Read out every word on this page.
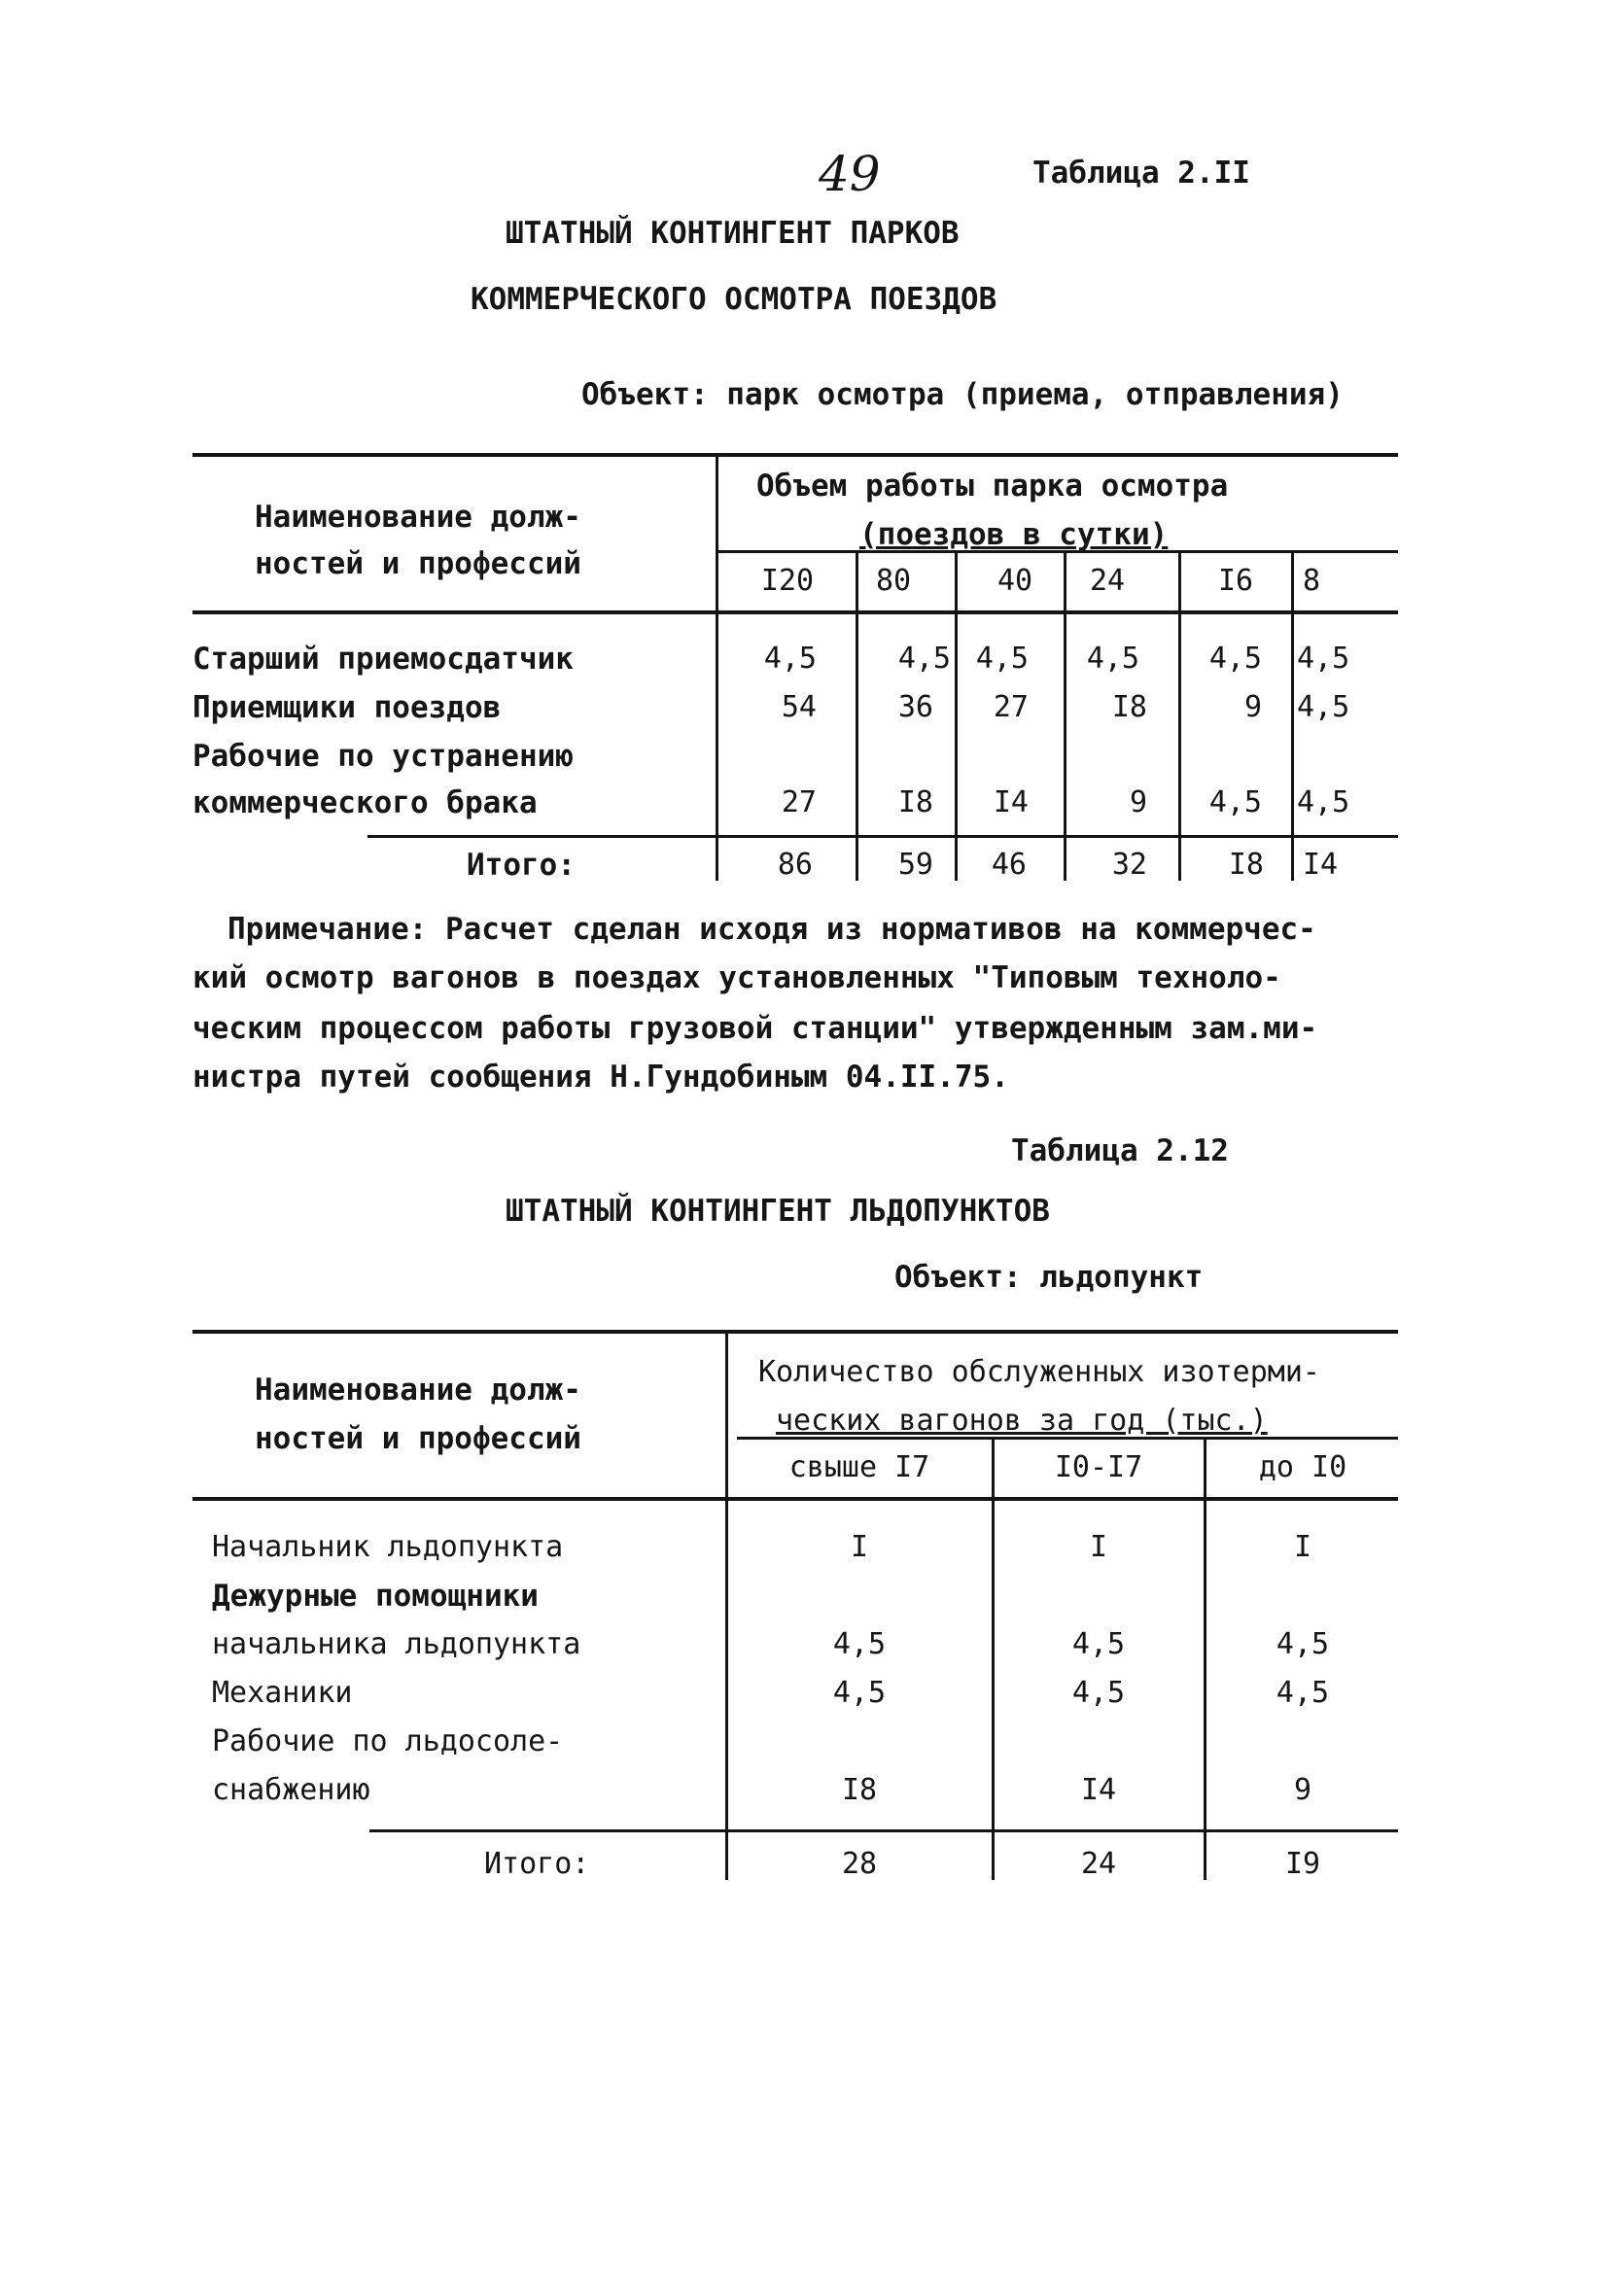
49	Таблица 2.II
ШТАТНЫЙ КОНТИНГЕНТ ПАРКОВ
КОММЕРЧЕСКОГО ОСМОТРА ПОЕЗДОВ
Объект: парк осмотра (приема, отправления)
Наименование долж-
ностей и профессий
Объем работы парка осмотра
(поездов в сутки)
I20	80	40	24	I6	8
Старший приемосдатчик	4,5	4,5 4,5	4,5	4,5 4,5
Приемщики поездов	54	36	27	I8	9 4,5
Рабочие по устранению
коммерческого брака	27	I8	I4	9	4,5 4,5
Итого:	86	59	46	32	I8 I4
Примечание: Расчет сделан исходя из нормативов на коммерчес-
кий осмотр вагонов в поездах установленных "Типовым техноло-
ческим процессом работы грузовой станции" утвержденным зам.ми-
нистра путей сообщения Н.Гундобиным 04.II.75.
Таблица 2.12
ШТАТНЫЙ КОНТИНГЕНТ ЛЬДОПУНКТОВ
Объект: льдопункт
Наименование долж-
ностей и профессий
Количество обслуженных изотерми-
ческих вагонов за год (тыс.)
свыше I7	I0-I7	до I0
Начальник льдопункта	I	I	I
Дежурные помощники
начальника льдопункта	4,5	4,5	4,5
Механики	4,5	4,5	4,5
Рабочие по льдосоле-
снабжению	I8	I4	9
Итого:	28	24	I9
